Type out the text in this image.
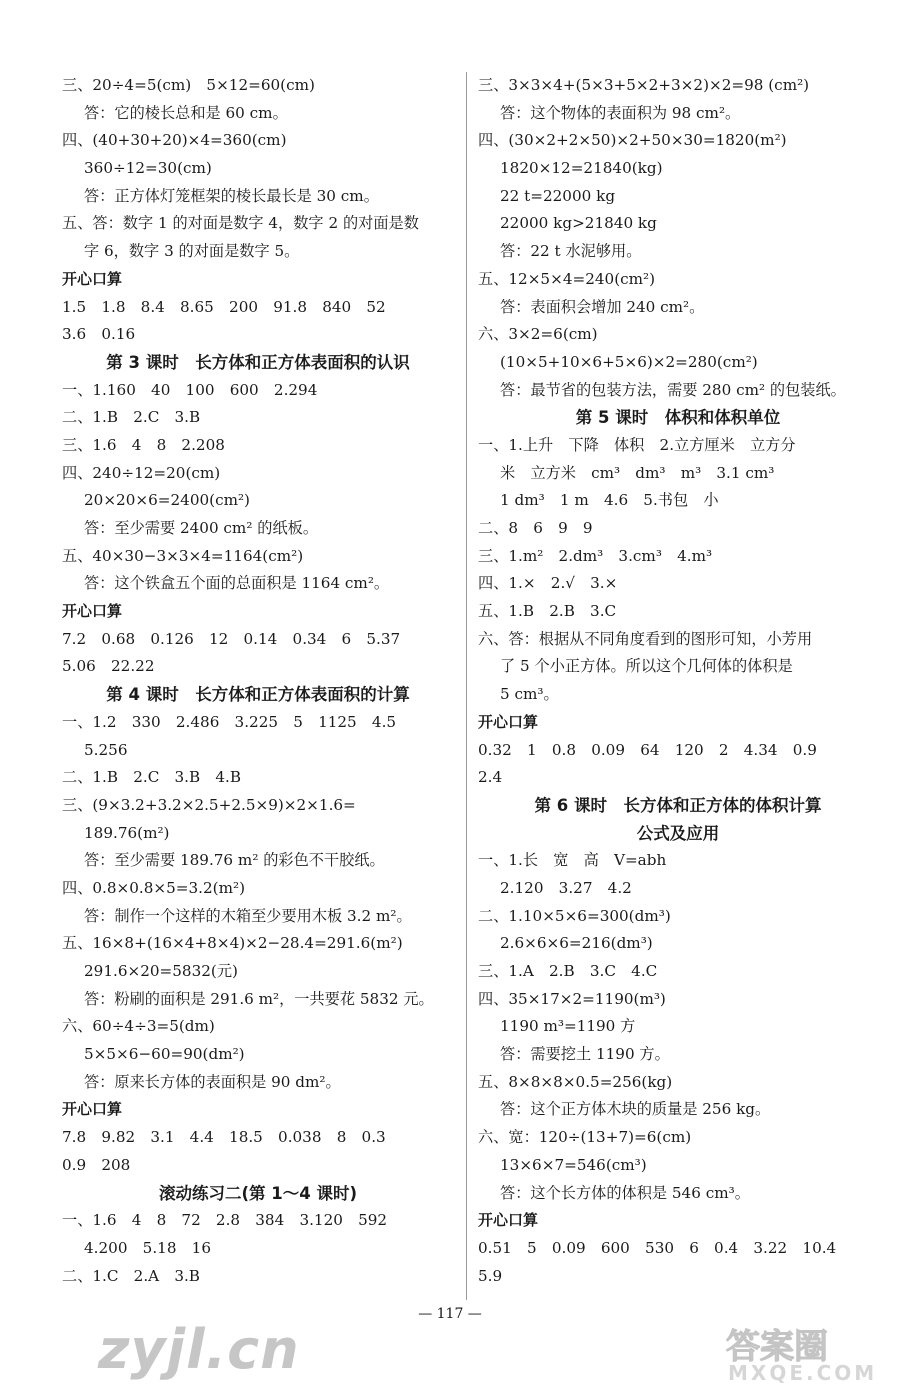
三、20÷4=5(cm)　5×12=60(cm)
答：它的棱长总和是 60 cm。
四、(40+30+20)×4=360(cm)
360÷12=30(cm)
答：正方体灯笼框架的棱长最长是 30 cm。
五、答：数字 1 的对面是数字 4，数字 2 的对面是数
字 6，数字 3 的对面是数字 5。
开心口算
1.5　1.8　8.4　8.65　200　91.8　840　52
3.6　0.16
第 3 课时　长方体和正方体表面积的认识
一、1.160　40　100　600　2.294
二、1.B　2.C　3.B
三、1.6　4　8　2.208
四、240÷12=20(cm)
20×20×6=2400(cm²)
答：至少需要 2400 cm² 的纸板。
五、40×30−3×3×4=1164(cm²)
答：这个铁盒五个面的总面积是 1164 cm²。
开心口算
7.2　0.68　0.126　12　0.14　0.34　6　5.37
5.06　22.22
第 4 课时　长方体和正方体表面积的计算
一、1.2　330　2.486　3.225　5　1125　4.5
5.256
二、1.B　2.C　3.B　4.B
三、(9×3.2+3.2×2.5+2.5×9)×2×1.6=
189.76(m²)
答：至少需要 189.76 m² 的彩色不干胶纸。
四、0.8×0.8×5=3.2(m²)
答：制作一个这样的木箱至少要用木板 3.2 m²。
五、16×8+(16×4+8×4)×2−28.4=291.6(m²)
291.6×20=5832(元)
答：粉刷的面积是 291.6 m²，一共要花 5832 元。
六、60÷4÷3=5(dm)
5×5×6−60=90(dm²)
答：原来长方体的表面积是 90 dm²。
开心口算
7.8　9.82　3.1　4.4　18.5　0.038　8　0.3
0.9　208
滚动练习二(第 1～4 课时)
一、1.6　4　8　72　2.8　384　3.120　592
4.200　5.18　16
二、1.C　2.A　3.B
三、3×3×4+(5×3+5×2+3×2)×2=98 (cm²)
答：这个物体的表面积为 98 cm²。
四、(30×2+2×50)×2+50×30=1820(m²)
1820×12=21840(kg)
22 t=22000 kg
22000 kg>21840 kg
答：22 t 水泥够用。
五、12×5×4=240(cm²)
答：表面积会增加 240 cm²。
六、3×2=6(cm)
(10×5+10×6+5×6)×2=280(cm²)
答：最节省的包装方法，需要 280 cm² 的包装纸。
第 5 课时　体积和体积单位
一、1.上升　下降　体积　2.立方厘米　立方分
米　立方米　cm³　dm³　m³　3.1 cm³
1 dm³　1 m　4.6　5.书包　小
二、8　6　9　9
三、1.m²　2.dm³　3.cm³　4.m³
四、1.×　2.√　3.×
五、1.B　2.B　3.C
六、答：根据从不同角度看到的图形可知，小芳用
了 5 个小正方体。所以这个几何体的体积是
5 cm³。
开心口算
0.32　1　0.8　0.09　64　120　2　4.34　0.9
2.4
第 6 课时　长方体和正方体的体积计算
公式及应用
一、1.长　宽　高　V=abh
2.120　3.27　4.2
二、1.10×5×6=300(dm³)
2.6×6×6=216(dm³)
三、1.A　2.B　3.C　4.C
四、35×17×2=1190(m³)
1190 m³=1190 方
答：需要挖土 1190 方。
五、8×8×8×0.5=256(kg)
答：这个正方体木块的质量是 256 kg。
六、宽：120÷(13+7)=6(cm)
13×6×7=546(cm³)
答：这个长方体的体积是 546 cm³。
开心口算
0.51　5　0.09　600　530　6　0.4　3.22　10.4
5.9
— 117 —
zyjl.cn	答案圈
MXQE.COM
